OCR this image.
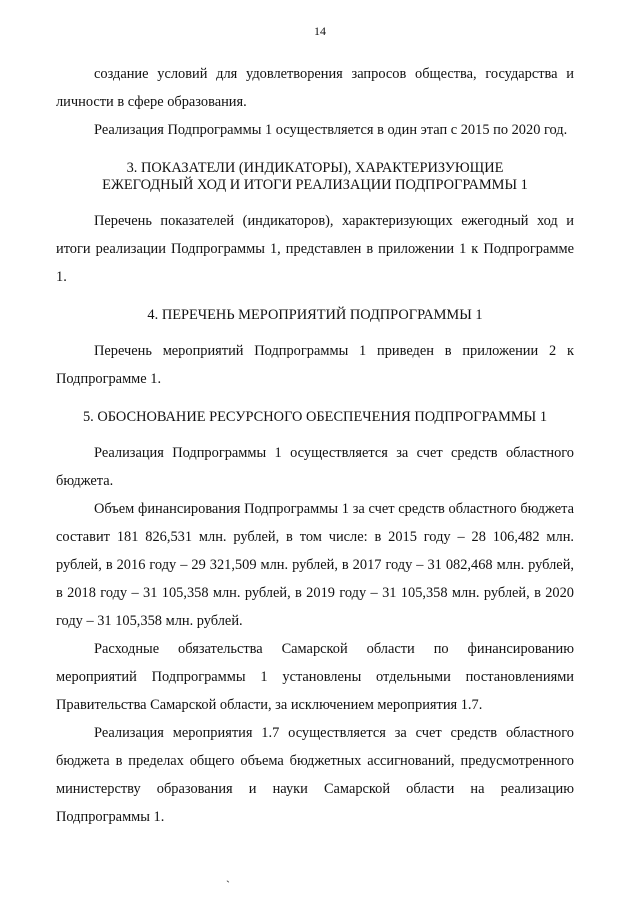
14

создание условий для удовлетворения запросов общества, государства и личности в сфере образования.

Реализация Подпрограммы 1 осуществляется в один этап с 2015 по 2020 год.

3. ПОКАЗАТЕЛИ (ИНДИКАТОРЫ), ХАРАКТЕРИЗУЮЩИЕ

ЕЖЕГОДНЫЙ ХОД И ИТОГИ РЕАЛИЗАЦИИ ПОДПРОГРАММЫ 1

Перечень показателей (индикаторов), характеризующих ежегодный ход и итоги реализации Подпрограммы 1, представлен в приложении 1 к Подпрограмме 1.

4. ПЕРЕЧЕНЬ МЕРОПРИЯТИЙ ПОДПРОГРАММЫ 1

Перечень мероприятий Подпрограммы 1 приведен в приложении 2 к Подпрограмме 1.

5. ОБОСНОВАНИЕ РЕСУРСНОГО ОБЕСПЕЧЕНИЯ ПОДПРОГРАММЫ 1

Реализация Подпрограммы 1 осуществляется за счет средств областного бюджета.

Объем финансирования Подпрограммы 1 за счет средств областного бюджета составит 181 826,531 млн. рублей, в том числе: в 2015 году – 28 106,482 млн. рублей, в 2016 году – 29 321,509 млн. рублей, в 2017 году – 31 082,468 млн. рублей, в 2018 году – 31 105,358 млн. рублей, в 2019 году – 31 105,358 млн. рублей, в 2020 году – 31 105,358 млн. рублей.

Расходные обязательства Самарской области по финансированию мероприятий Подпрограммы 1 установлены отдельными постановлениями Правительства Самарской области, за исключением мероприятия 1.7.

Реализация мероприятия 1.7 осуществляется за счет средств областного бюджета в пределах общего объема бюджетных ассигнований, предусмотренного министерству образования и науки Самарской области на реализацию Подпрограммы 1.

`
